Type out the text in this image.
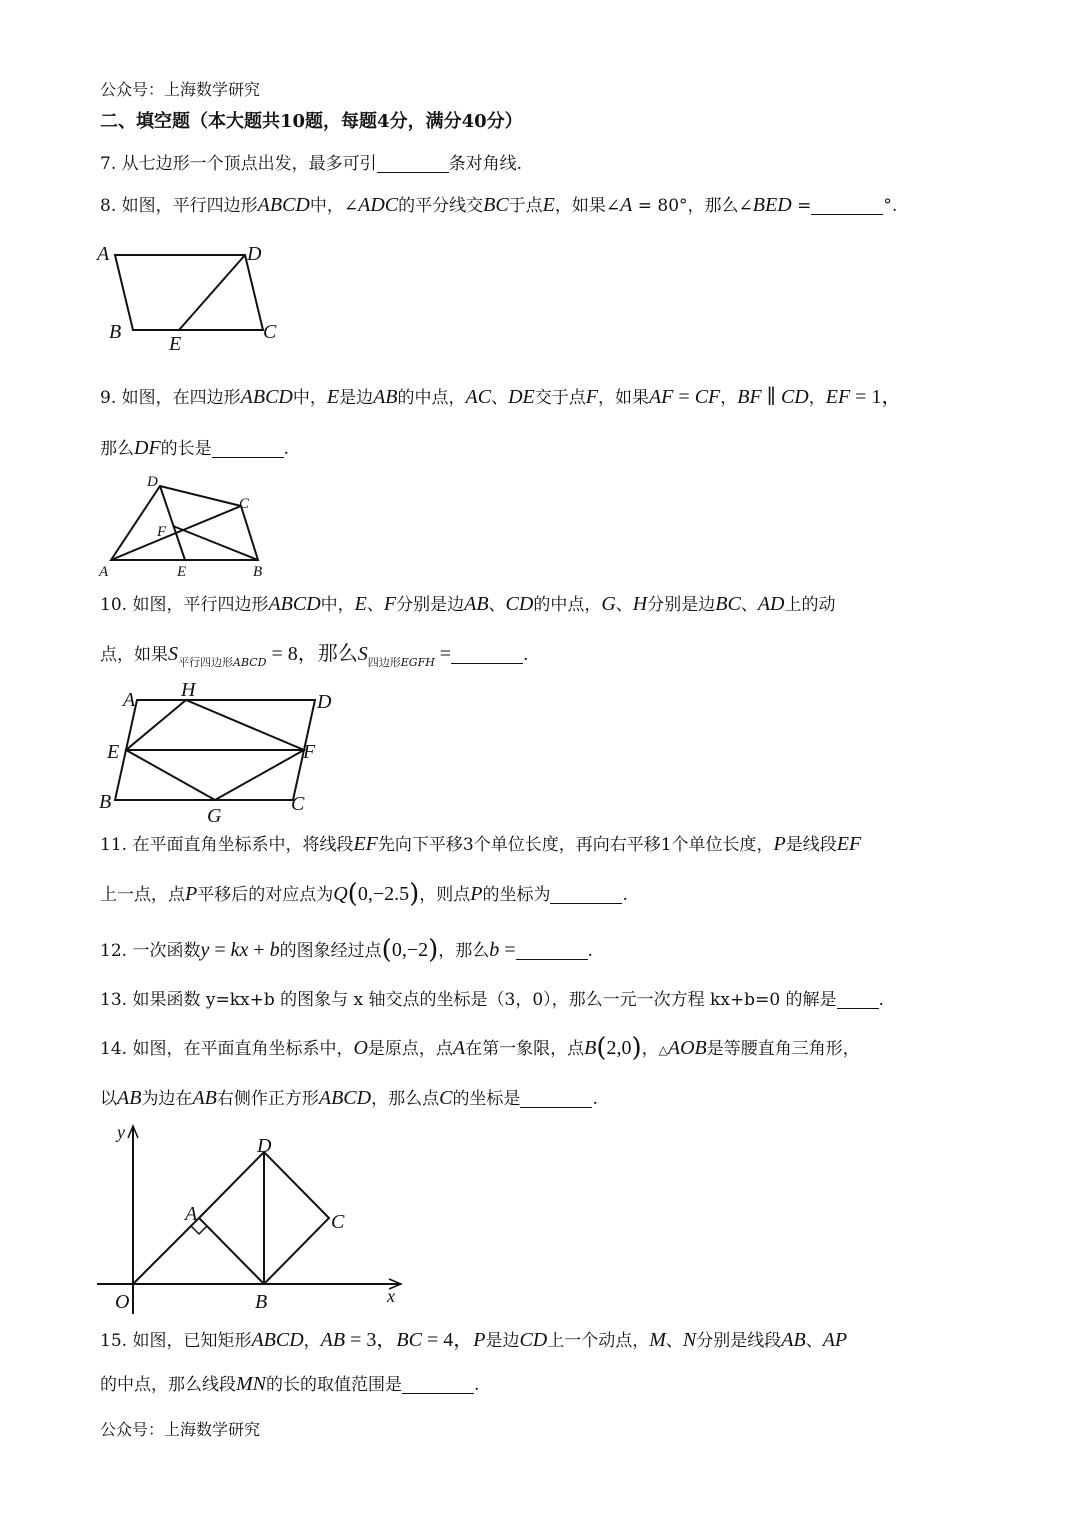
公众号：上海数学研究
二、填空题（本大题共10题，每题4分，满分40分）
7. 从七边形一个顶点出发，最多可引	条对角线.
8. 如图，平行四边形ABCD中，∠ADC的平分线交BC于点E，如果∠A = 80°，那么∠BED =	°.
A	D
B	C
E
9. 如图，在四边形ABCD中，E是边AB的中点，AC、DE交于点F，如果AF = CF，BF ∥ CD，EF = 1，
那么DF的长是	.
A	B
C
D
E
F
10. 如图，平行四边形ABCD中，E、F分别是边AB、CD的中点，G、H分别是边BC、AD上的动
点，如果$S_{平行四边形ABCD} = 8$，那么$S_{四边形EGFH}$ =	.
A H
D
E	F
B	C
G
11. 在平面直角坐标系中，将线段EF先向下平移3个单位长度，再向右平移1个单位长度，P是线段EF
上一点，点P平移后的对应点为Q(0,−2.5)，则点P的坐标为	.
12. 一次函数y = kx + b的图象经过点(0,−2)，那么b =	.
13. 如果函数 y=kx+b 的图象与 x 轴交点的坐标是（3，0），那么一元一次方程 kx+b=0 的解是 .
14. 如图，在平面直角坐标系中，O是原点，点A在第一象限，点B(2,0)，△AOB是等腰直角三角形，
以AB为边在AB右侧作正方形ABCD，那么点C的坐标是	.
y
x
O	B
A
D
C
15. 如图，已知矩形ABCD，AB = 3，BC = 4，P是边CD上一个动点，M、N分别是线段AB、AP
的中点，那么线段MN的长的取值范围是	.
公众号：上海数学研究
